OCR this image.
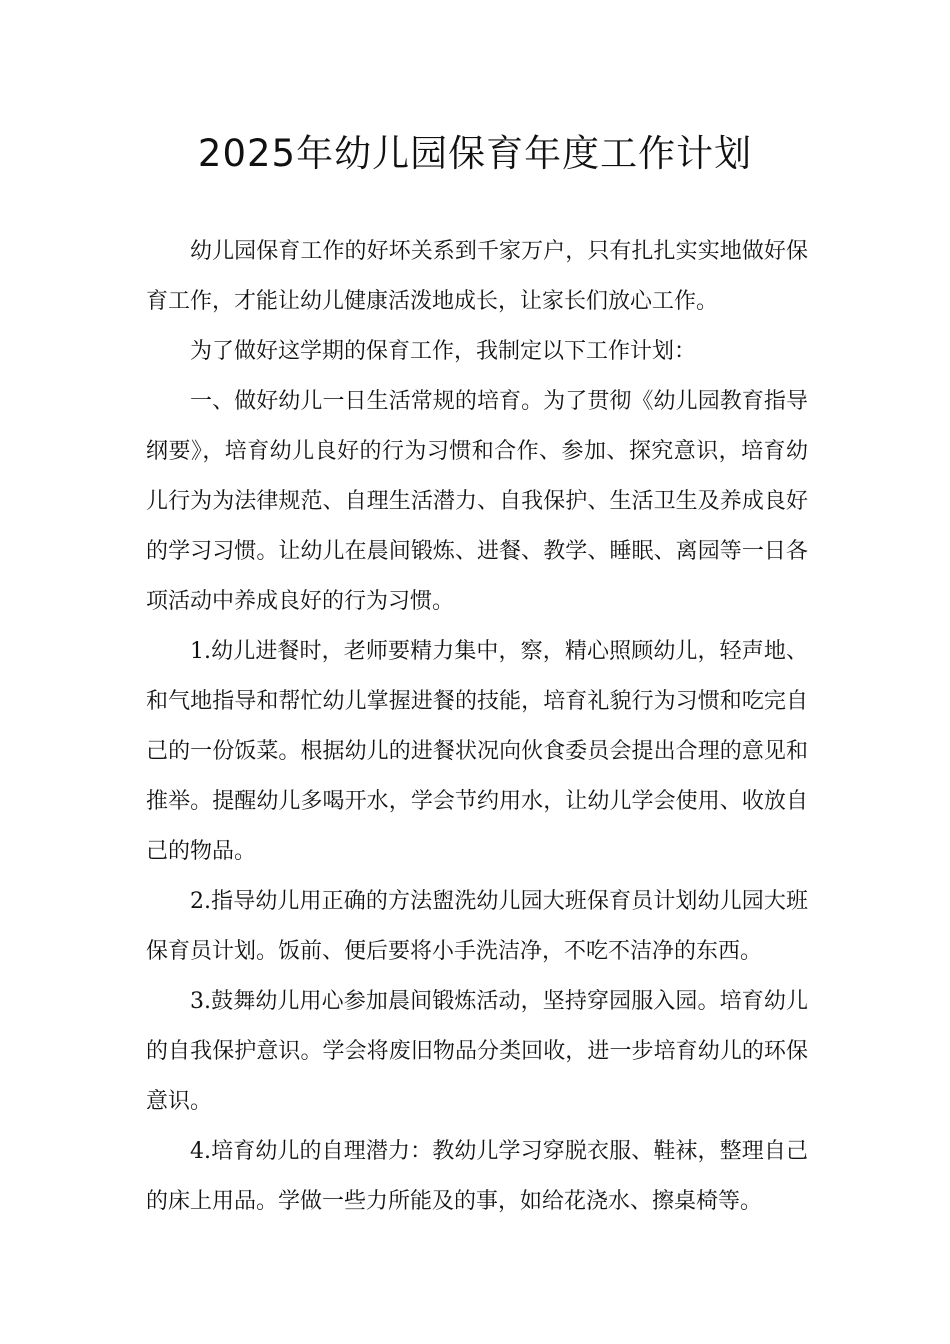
2025年幼儿园保育年度工作计划

幼儿园保育工作的好坏关系到千家万户，只有扎扎实实地做好保育工作，才能让幼儿健康活泼地成长，让家长们放心工作。

为了做好这学期的保育工作，我制定以下工作计划：

一、做好幼儿一日生活常规的培育。为了贯彻《幼儿园教育指导纲要》，培育幼儿良好的行为习惯和合作、参加、探究意识，培育幼儿行为为法律规范、自理生活潜力、自我保护、生活卫生及养成良好的学习习惯。让幼儿在晨间锻炼、进餐、教学、睡眠、离园等一日各项活动中养成良好的行为习惯。

1.幼儿进餐时，老师要精力集中，察，精心照顾幼儿，轻声地、和气地指导和帮忙幼儿掌握进餐的技能，培育礼貌行为习惯和吃完自己的一份饭菜。根据幼儿的进餐状况向伙食委员会提出合理的意见和推举。提醒幼儿多喝开水，学会节约用水，让幼儿学会使用、收放自己的物品。

2.指导幼儿用正确的方法盥洗幼儿园大班保育员计划幼儿园大班保育员计划。饭前、便后要将小手洗洁净，不吃不洁净的东西。

3.鼓舞幼儿用心参加晨间锻炼活动，坚持穿园服入园。培育幼儿的自我保护意识。学会将废旧物品分类回收，进一步培育幼儿的环保意识。

4.培育幼儿的自理潜力：教幼儿学习穿脱衣服、鞋袜，整理自己的床上用品。学做一些力所能及的事，如给花浇水、擦桌椅等。
